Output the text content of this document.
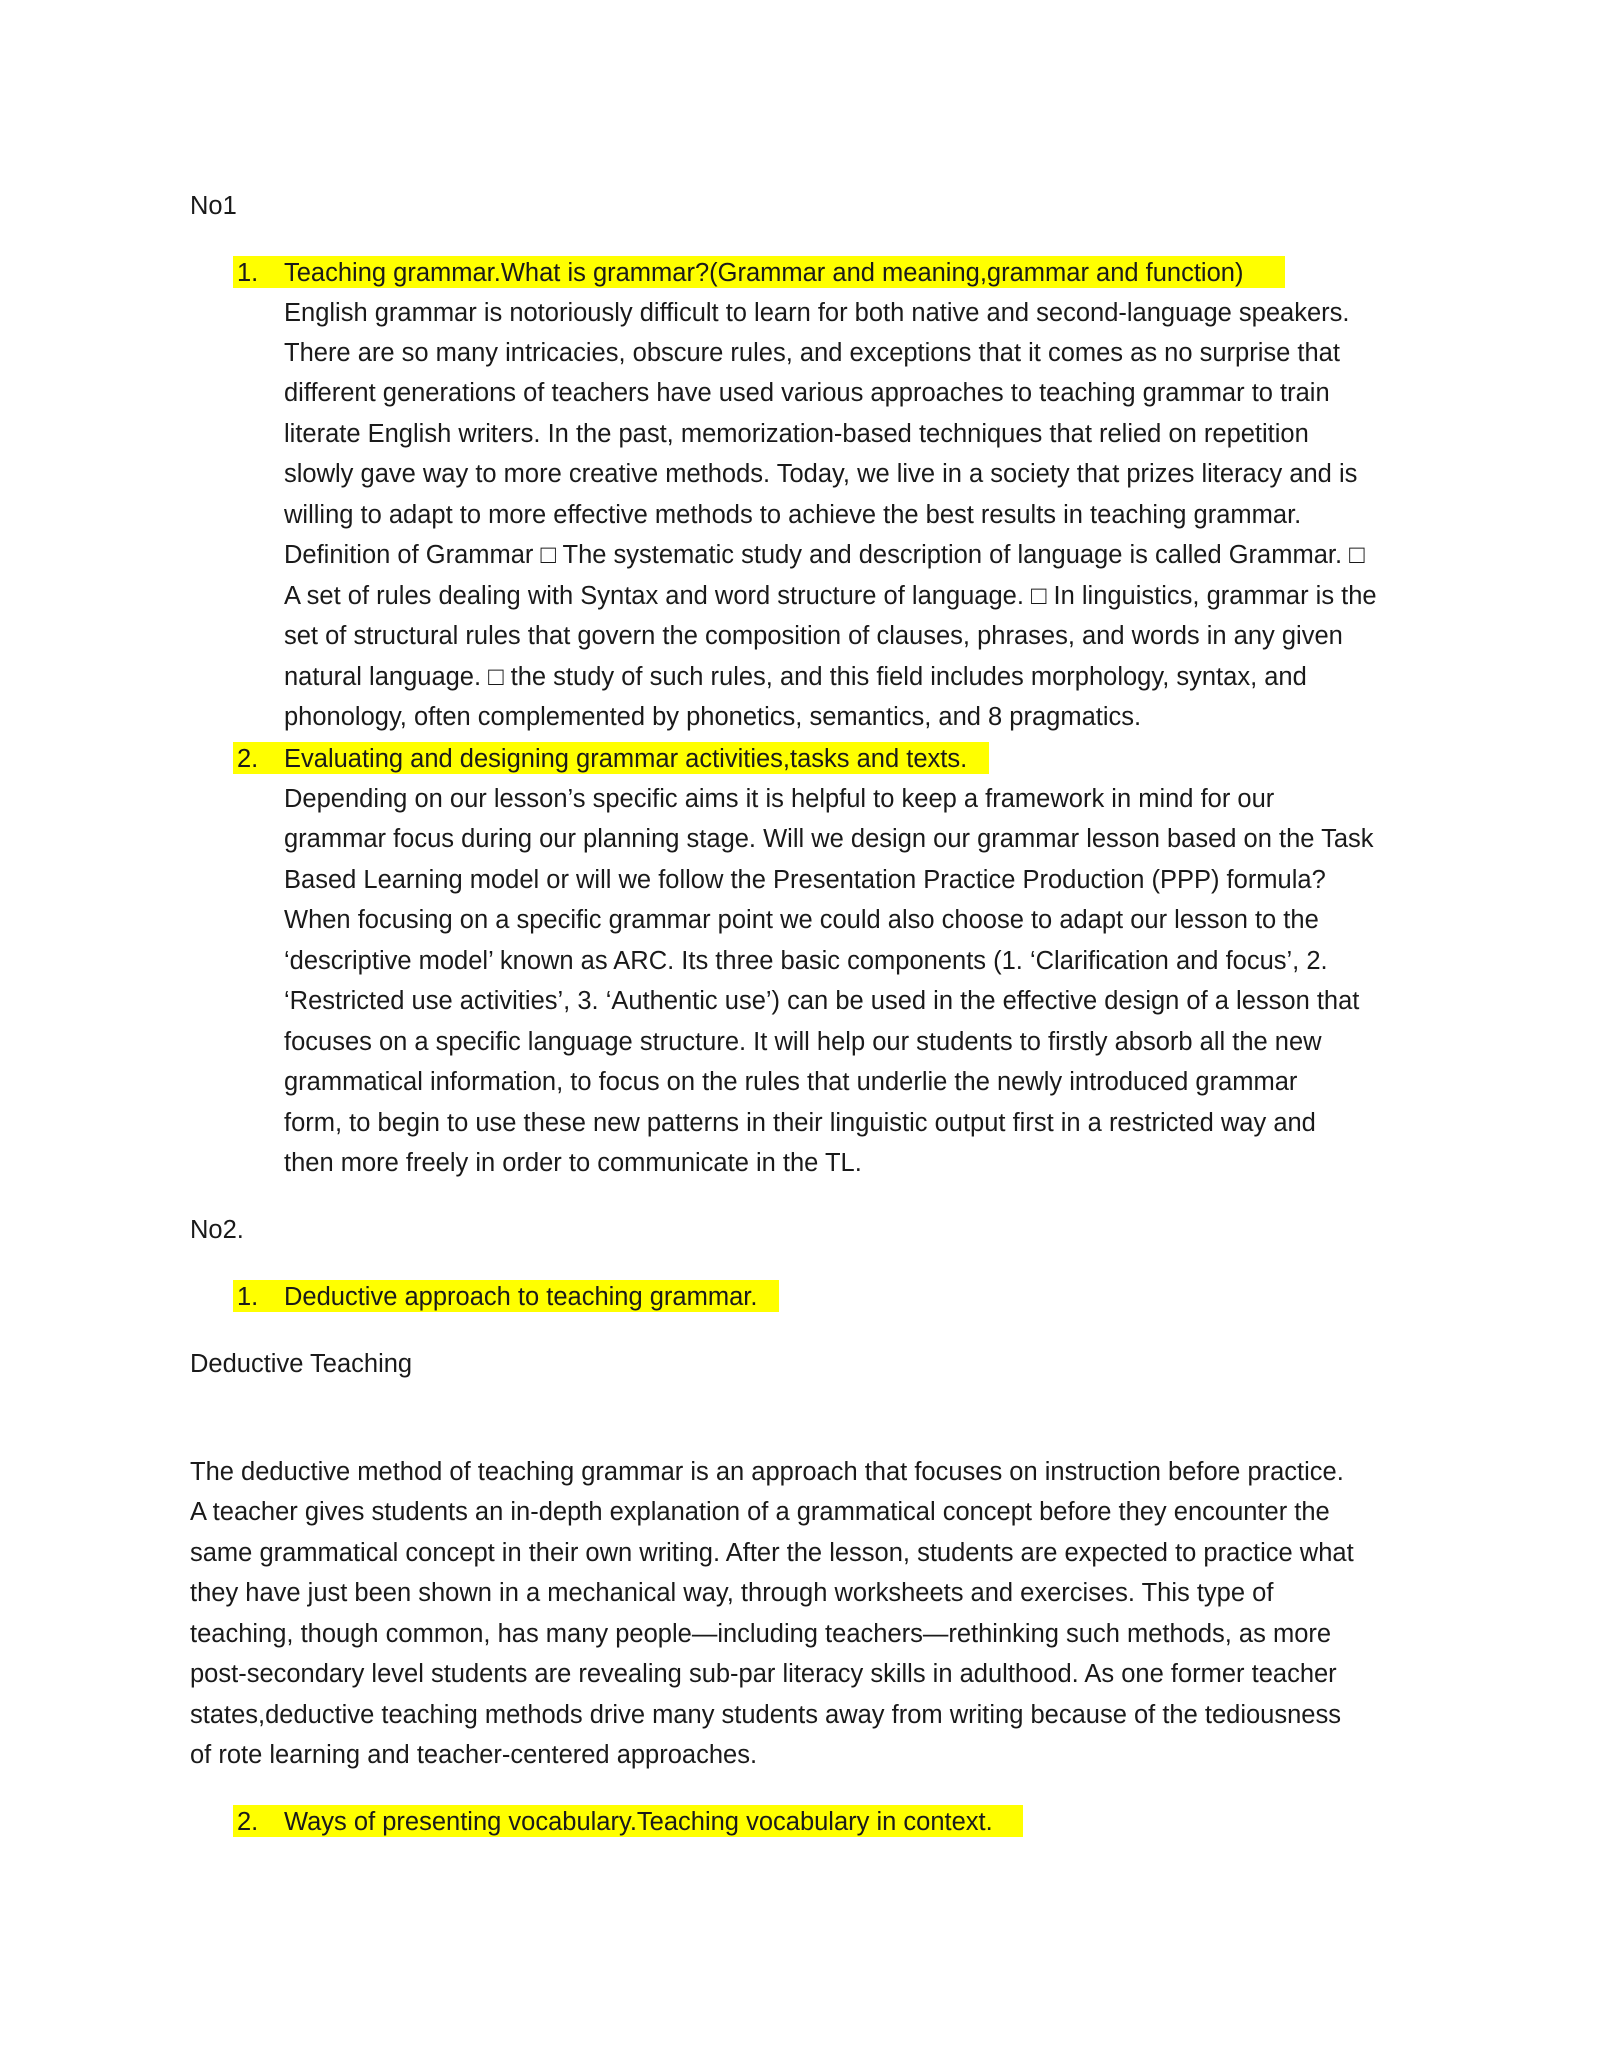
No1
1. Teaching grammar.What is grammar?(Grammar and meaning,grammar and function)
English grammar is notoriously difficult to learn for both native and second-language speakers.
There are so many intricacies, obscure rules, and exceptions that it comes as no surprise that
different generations of teachers have used various approaches to teaching grammar to train
literate English writers. In the past, memorization-based techniques that relied on repetition
slowly gave way to more creative methods. Today, we live in a society that prizes literacy and is
willing to adapt to more effective methods to achieve the best results in teaching grammar.
Definition of Grammar □ The systematic study and description of language is called Grammar. □
A set of rules dealing with Syntax and word structure of language. □ In linguistics, grammar is the
set of structural rules that govern the composition of clauses, phrases, and words in any given
natural language. □ the study of such rules, and this field includes morphology, syntax, and
phonology, often complemented by phonetics, semantics, and 8 pragmatics.
2. Evaluating and designing grammar activities,tasks and texts.
Depending on our lesson’s specific aims it is helpful to keep a framework in mind for our
grammar focus during our planning stage. Will we design our grammar lesson based on the Task
Based Learning model or will we follow the Presentation Practice Production (PPP) formula?
When focusing on a specific grammar point we could also choose to adapt our lesson to the
‘descriptive model’ known as ARC. Its three basic components (1. ‘Clarification and focus’, 2.
‘Restricted use activities’, 3. ‘Authentic use’) can be used in the effective design of a lesson that
focuses on a specific language structure. It will help our students to firstly absorb all the new
grammatical information, to focus on the rules that underlie the newly introduced grammar
form, to begin to use these new patterns in their linguistic output first in a restricted way and
then more freely in order to communicate in the TL.
No2.
1. Deductive approach to teaching grammar.
Deductive Teaching
The deductive method of teaching grammar is an approach that focuses on instruction before practice.
A teacher gives students an in-depth explanation of a grammatical concept before they encounter the
same grammatical concept in their own writing. After the lesson, students are expected to practice what
they have just been shown in a mechanical way, through worksheets and exercises. This type of
teaching, though common, has many people—including teachers—rethinking such methods, as more
post-secondary level students are revealing sub-par literacy skills in adulthood. As one former teacher
states,deductive teaching methods drive many students away from writing because of the tediousness
of rote learning and teacher-centered approaches.
2. Ways of presenting vocabulary.Teaching vocabulary in context.
